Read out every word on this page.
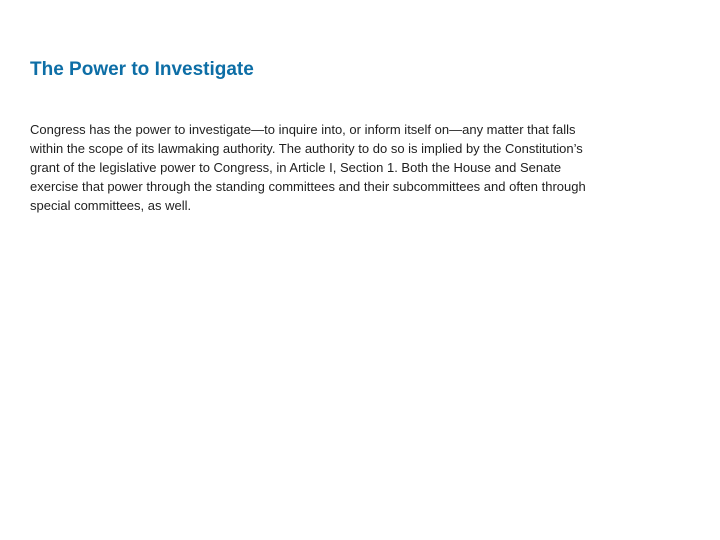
The Power to Investigate

Congress has the power to investigate—to inquire into, or inform itself on—any matter that falls within the scope of its lawmaking authority. The authority to do so is implied by the Constitution’s grant of the legislative power to Congress, in Article I, Section 1. Both the House and Senate exercise that power through the standing committees and their subcommittees and often through special committees, as well.
